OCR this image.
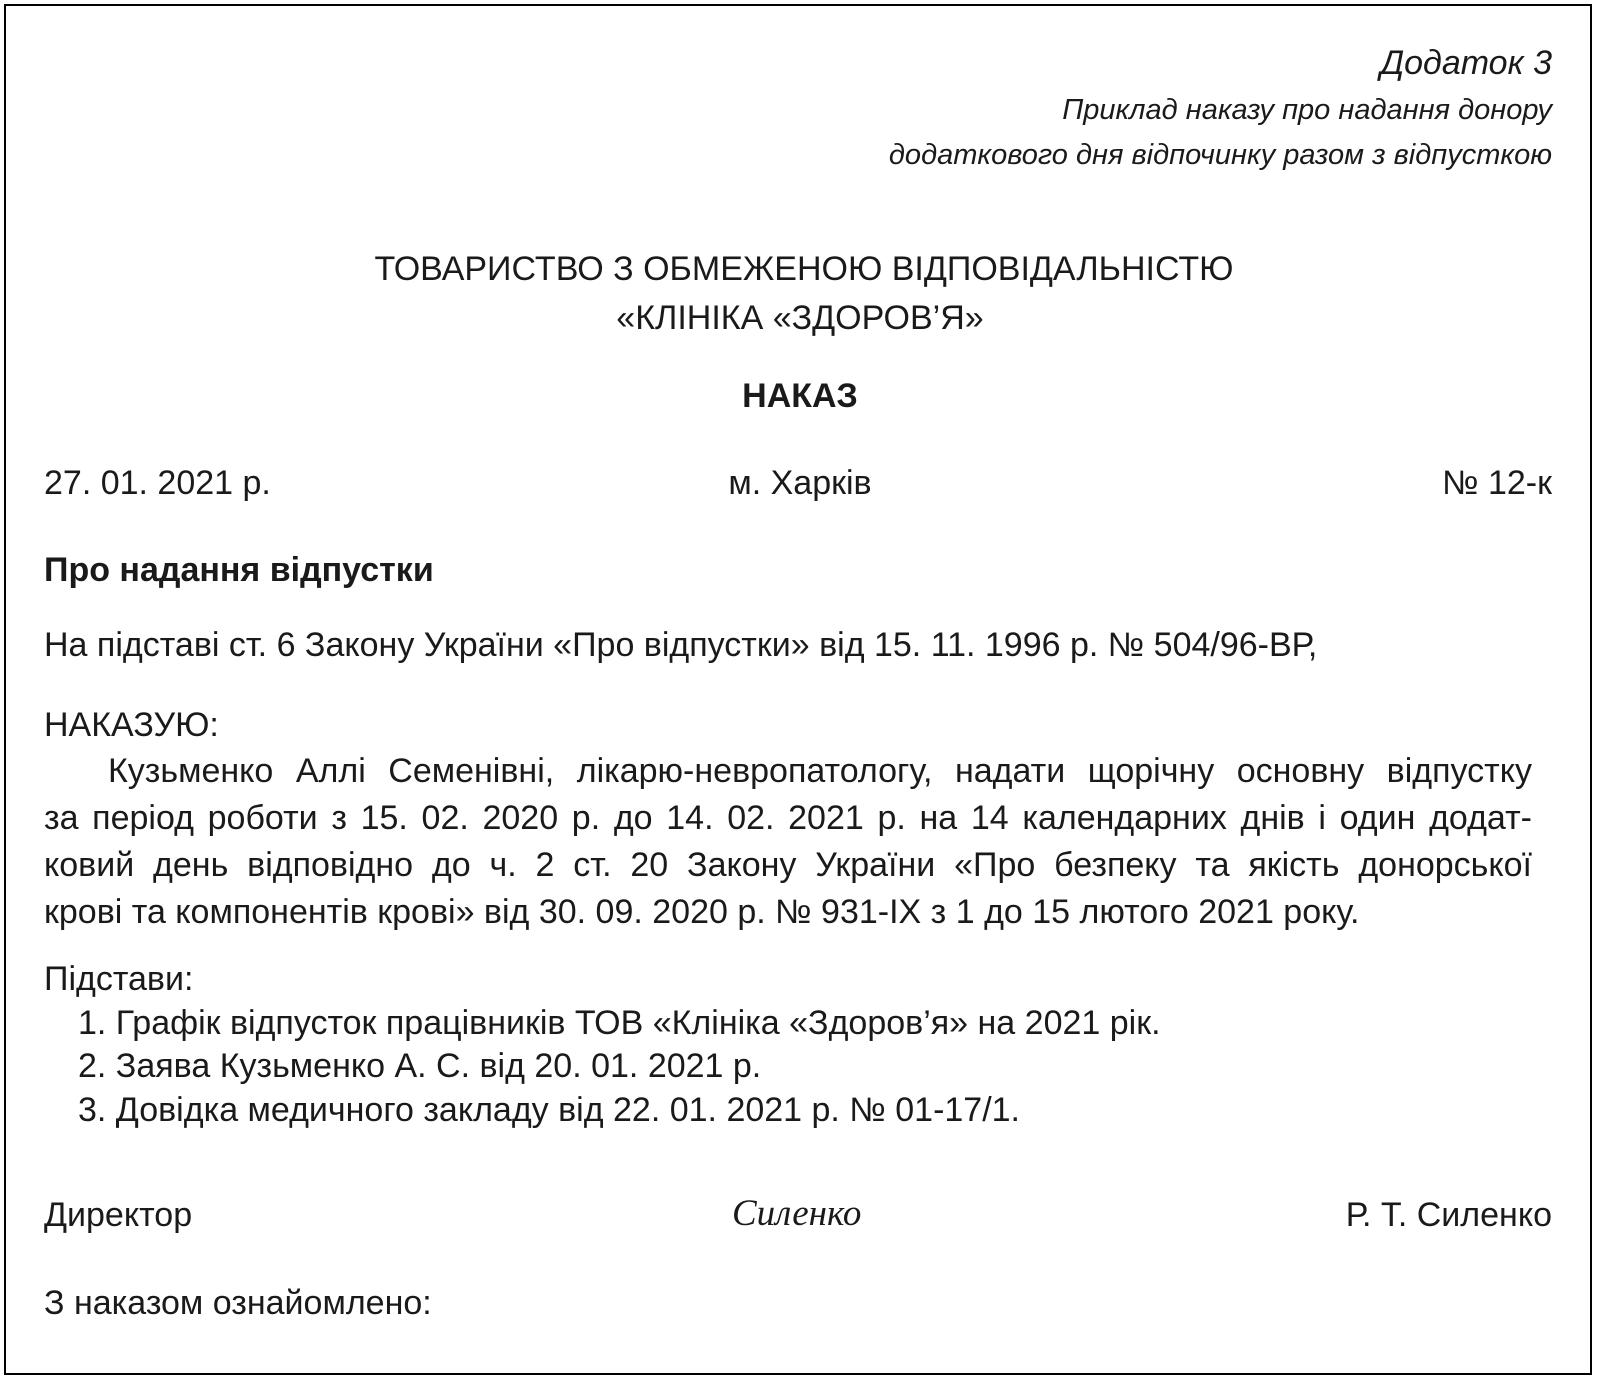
Додаток 3
Приклад наказу про надання донору
додаткового дня відпочинку разом з відпусткою
ТОВАРИСТВО З ОБМЕЖЕНОЮ ВІДПОВІДАЛЬНІСТЮ
«КЛІНІКА «ЗДОРОВ’Я»
НАКАЗ
27. 01. 2021 р.	м. Харків	№ 12-к
Про надання відпустки
На підставі ст. 6 Закону України «Про відпустки» від 15. 11. 1996 р. № 504/96-ВР,
НАКАЗУЮ:
Кузьменко Аллі Семенівні, лікарю-невропатологу, надати щорічну основну відпустку
за період роботи з 15. 02. 2020 р. до 14. 02. 2021 р. на 14 календарних днів і один додат-
ковий день відповідно до ч. 2 ст. 20 Закону України «Про безпеку та якість донорської
крові та компонентів крові» від 30. 09. 2020 р. № 931-IX з 1 до 15 лютого 2021 року.
Підстави:
1. Графік відпусток працівників ТОВ «Клініка «Здоров’я» на 2021 рік.
2. Заява Кузьменко А. С. від 20. 01. 2021 р.
3. Довідка медичного закладу від 22. 01. 2021 р. № 01-17/1.
Директор	Силенко	Р. Т. Силенко
З наказом ознайомлено:
